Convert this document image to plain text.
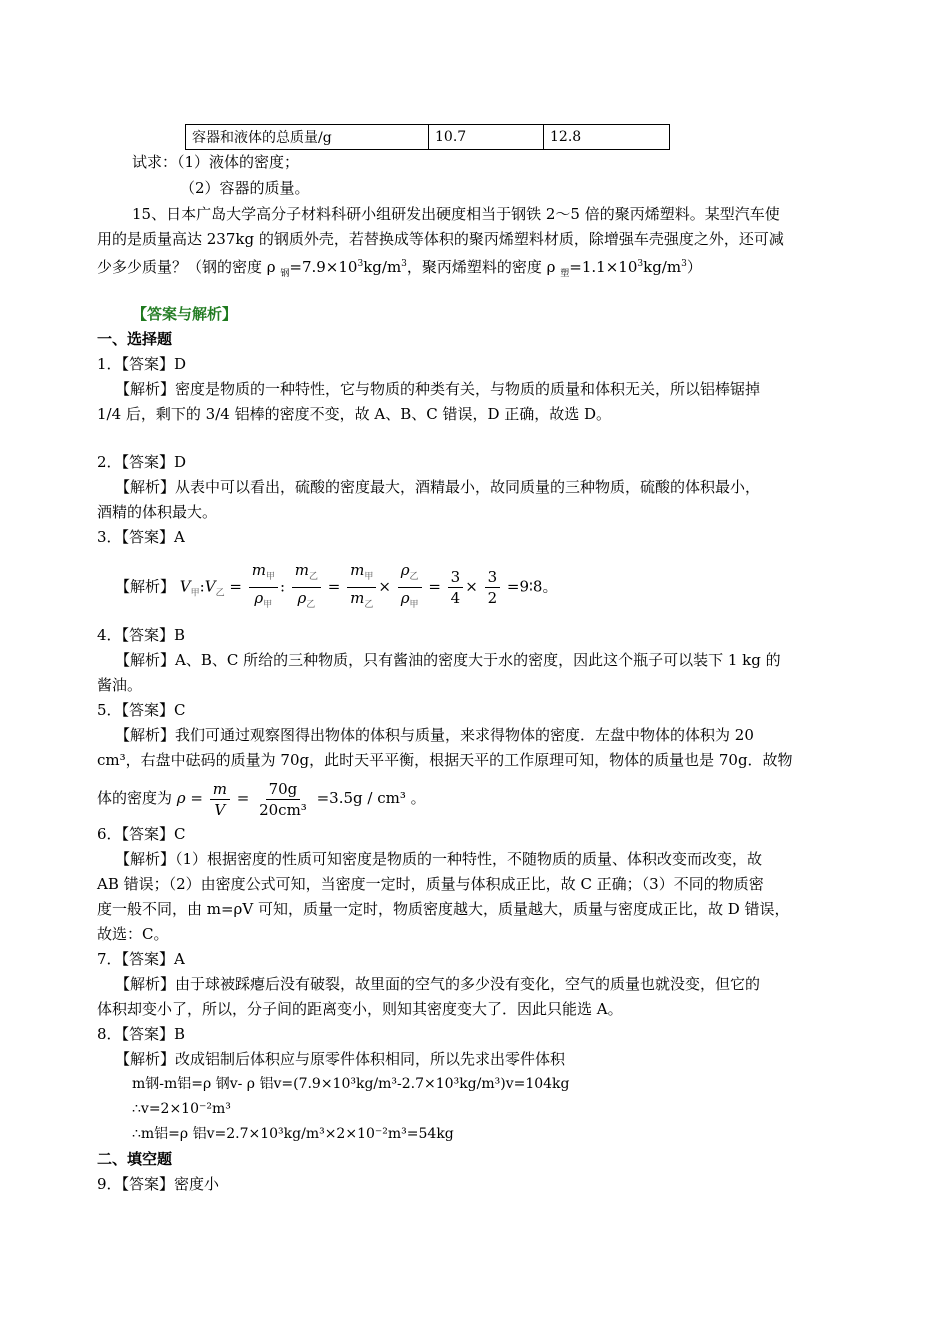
容器和液体的总质量/g	10.7	12.8
试求：（1）液体的密度；
（2）容器的质量。
15、日本广岛大学高分子材料科研小组研发出硬度相当于钢铁 2～5 倍的聚丙烯塑料。某型汽车使
用的是质量高达 237kg 的钢质外壳，若替换成等体积的聚丙烯塑料材质，除增强车壳强度之外，还可减
少多少质量？（钢的密度 ρ $_钢=7.9\times 10^3kg/m^3$，聚丙烯塑料的密度 ρ $_塑=1.1\times 10^3kg/m^3$）
【答案与解析】
一、选择题
1．【答案】D
【解析】密度是物质的一种特性，它与物质的种类有关，与物质的质量和体积无关，所以铝棒锯掉
1/4 后，剩下的 3/4 铝棒的密度不变，故 A、B、C 错误，D 正确，故选 D。
2．【答案】D
【解析】从表中可以看出，硫酸的密度最大，酒精最小，故同质量的三种物质，硫酸的体积最小，
酒精的体积最大。
3．【答案】A
【解析】 $V_甲:V_乙 = \frac{m_甲}{\rho_甲}$ : $\frac{m_乙}{\rho_乙} = \frac{m_甲}{m_乙} \times \frac{\rho_乙}{\rho_甲} = \frac{3}{4} \times \frac{3}{2}$ =9∶8。
4．【答案】B
【解析】A、B、C 所给的三种物质，只有酱油的密度大于水的密度，因此这个瓶子可以装下 1 kg 的
酱油。
5．【答案】C
【解析】我们可通过观察图得出物体的体积与质量，来求得物体的密度．左盘中物体的体积为 20
cm³，右盘中砝码的质量为 70g，此时天平平衡，根据天平的工作原理可知，物体的质量也是 70g．故物
体的密度为 $\rho = \frac{m}{V} = \frac{70g}{\text{20cm³}} =3.5g / cm^3$ 。
6．【答案】C
【解析】（1）根据密度的性质可知密度是物质的一种特性，不随物质的质量、体积改变而改变，故
AB 错误；（2）由密度公式可知，当密度一定时，质量与体积成正比，故 C 正确；（3）不同的物质密
度一般不同，由 m=ρV 可知，质量一定时，物质密度越大，质量越大，质量与密度成正比，故 D 错误，
故选：C。
7．【答案】A
【解析】由于球被踩瘪后没有破裂，故里面的空气的多少没有变化，空气的质量也就没变，但它的
体积却变小了，所以，分子间的距离变小，则知其密度变大了．因此只能选 A。
8．【答案】B
【解析】改成铝制后体积应与原零件体积相同，所以先求出零件体积
m钢-m铝=ρ 钢v- ρ 铝v=(7.9×10³kg/m³-2.7×10³kg/m³)v=104kg
∴v=2×10⁻²m³
∴m铝=ρ 铝v=2.7×10³kg/m³×2×10⁻²m³=54kg
二、填空题
9．【答案】密度小
